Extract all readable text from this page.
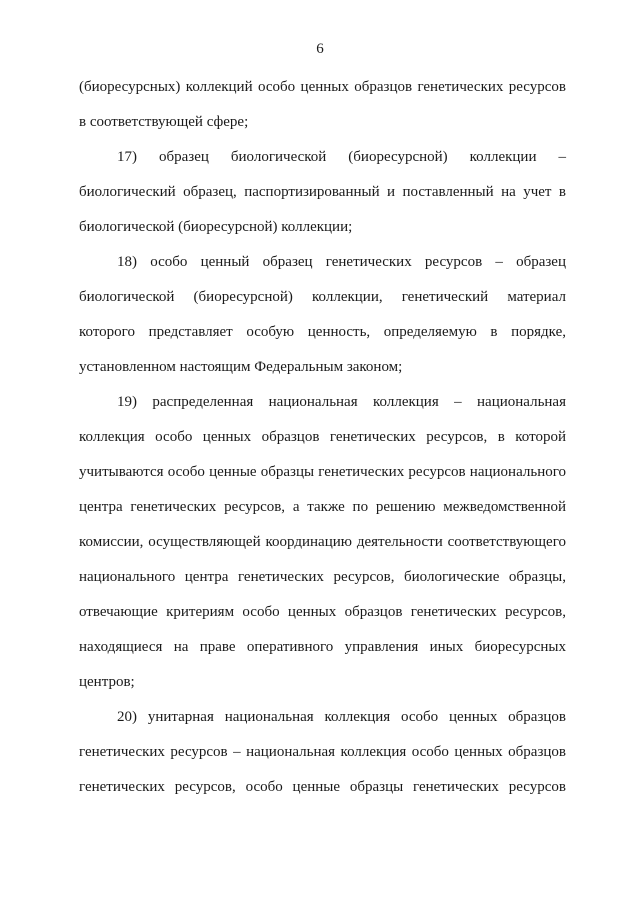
6
(биоресурсных) коллекций особо ценных образцов генетических ресурсов
в соответствующей сфере;
17) образец биологической (биоресурсной) коллекции –
биологический образец, паспортизированный и поставленный на учет в
биологической (биоресурсной) коллекции;
18) особо ценный образец генетических ресурсов – образец
биологической (биоресурсной) коллекции, генетический материал
которого представляет особую ценность, определяемую в порядке,
установленном настоящим Федеральным законом;
19) распределенная национальная коллекция – национальная
коллекция особо ценных образцов генетических ресурсов, в которой
учитываются особо ценные образцы генетических ресурсов национального
центра генетических ресурсов, а также по решению межведомственной
комиссии, осуществляющей координацию деятельности соответствующего
национального центра генетических ресурсов, биологические образцы,
отвечающие критериям особо ценных образцов генетических ресурсов,
находящиеся на праве оперативного управления иных биоресурсных
центров;
20) унитарная национальная коллекция особо ценных образцов
генетических ресурсов – национальная коллекция особо ценных образцов
генетических ресурсов, особо ценные образцы генетических ресурсов
